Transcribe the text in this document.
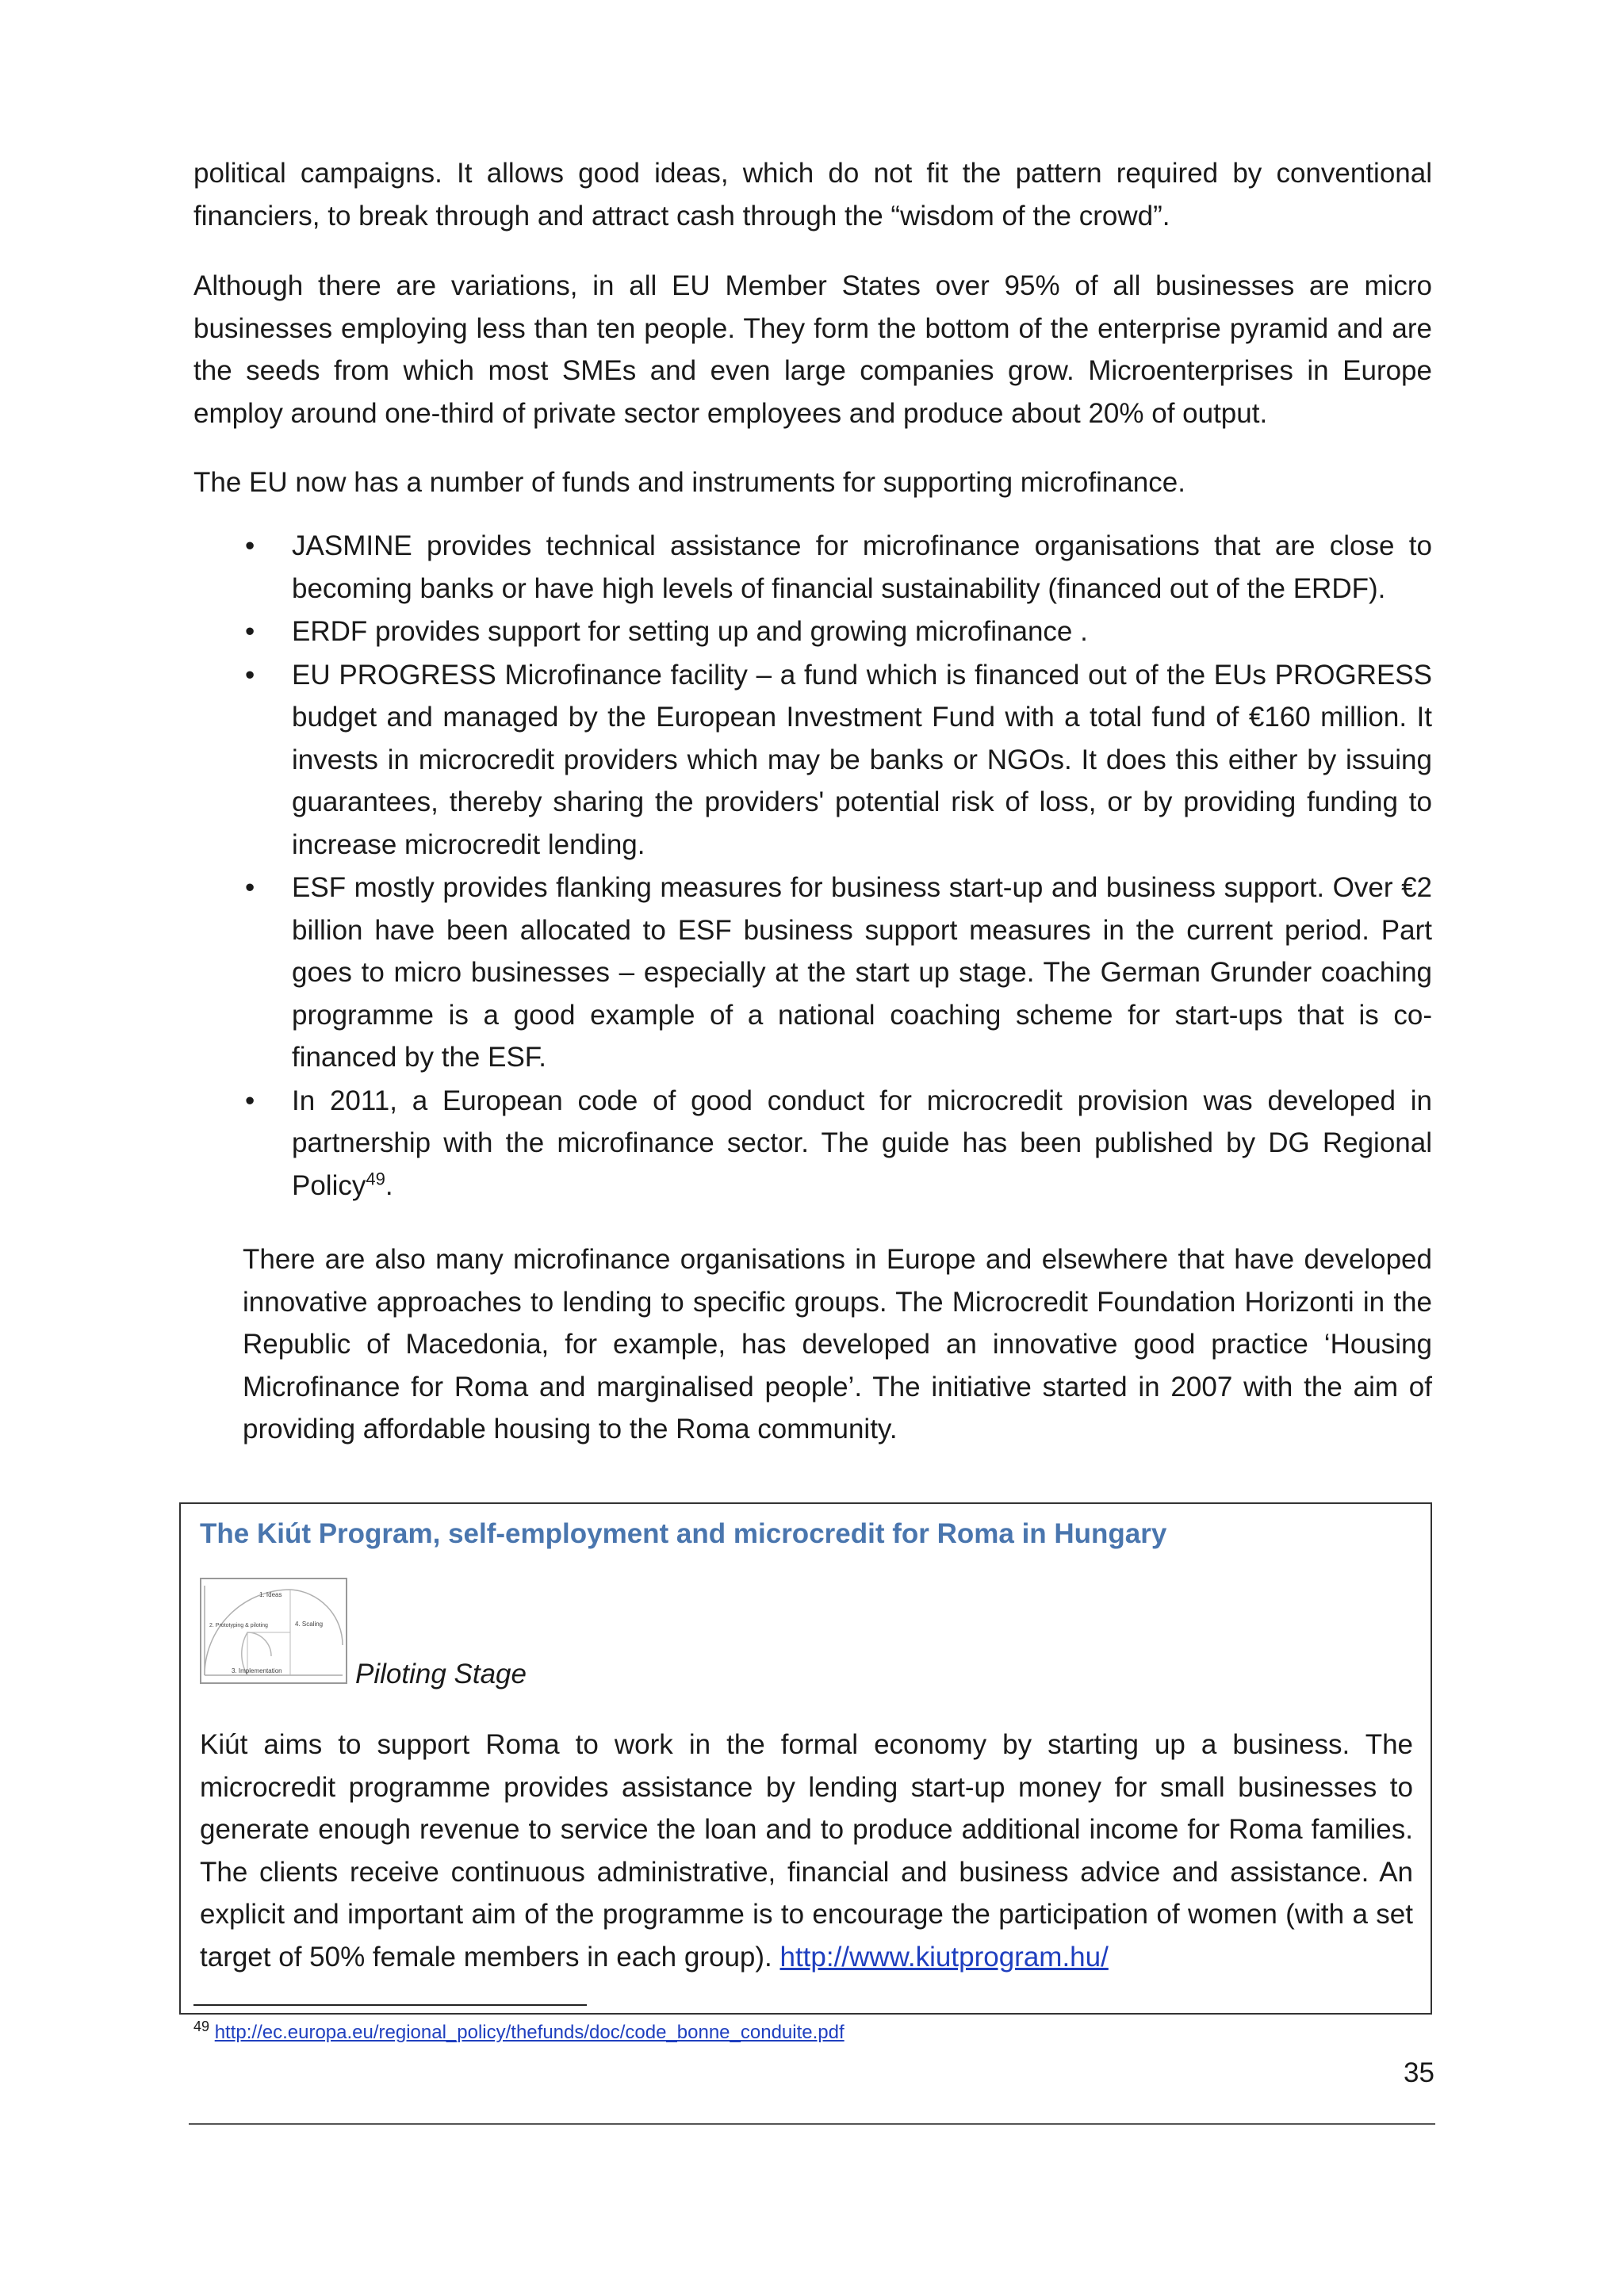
political campaigns. It allows good ideas, which do not fit the pattern required by conventional financiers, to break through and attract cash through the “wisdom of the crowd”.

Although there are variations, in all EU Member States over 95% of all businesses are micro businesses employing less than ten people. They form the bottom of the enterprise pyramid and are the seeds from which most SMEs and even large companies grow. Microenterprises in Europe employ around one-third of private sector employees and produce about 20% of output.

The EU now has a number of funds and instruments for supporting microfinance.

• JASMINE provides technical assistance for microfinance organisations that are close to becoming banks or have high levels of financial sustainability (financed out of the ERDF).
• ERDF provides support for setting up and growing microfinance .
• EU PROGRESS Microfinance facility – a fund which is financed out of the EUs PROGRESS budget and managed by the European Investment Fund with a total fund of €160 million. It invests in microcredit providers which may be banks or NGOs. It does this either by issuing guarantees, thereby sharing the providers' potential risk of loss, or by providing funding to increase microcredit lending.
• ESF mostly provides flanking measures for business start-up and business support. Over €2 billion have been allocated to ESF business support measures in the current period. Part goes to micro businesses – especially at the start up stage. The German Grunder coaching programme is a good example of a national coaching scheme for start-ups that is co-financed by the ESF.
• In 2011, a European code of good conduct for microcredit provision was developed in partnership with the microfinance sector. The guide has been published by DG Regional Policy$^{49}$.

There are also many microfinance organisations in Europe and elsewhere that have developed innovative approaches to lending to specific groups. The Microcredit Foundation Horizonti in the Republic of Macedonia, for example, has developed an innovative good practice ‘Housing Microfinance for Roma and marginalised people’. The initiative started in 2007 with the aim of providing affordable housing to the Roma community.

The Kiút Program, self-employment and microcredit for Roma in Hungary

1. Ideas
2. Prototyping & piloting	4. Scaling
3. Implementation	Piloting Stage

Kiút aims to support Roma to work in the formal economy by starting up a business. The microcredit programme provides assistance by lending start-up money for small businesses to generate enough revenue to service the loan and to produce additional income for Roma families. The clients receive continuous administrative, financial and business advice and assistance. An explicit and important aim of the programme is to encourage the participation of women (with a set target of 50% female members in each group). http://www.kiutprogram.hu/

$^{49}$ http://ec.europa.eu/regional_policy/thefunds/doc/code_bonne_conduite.pdf
35
